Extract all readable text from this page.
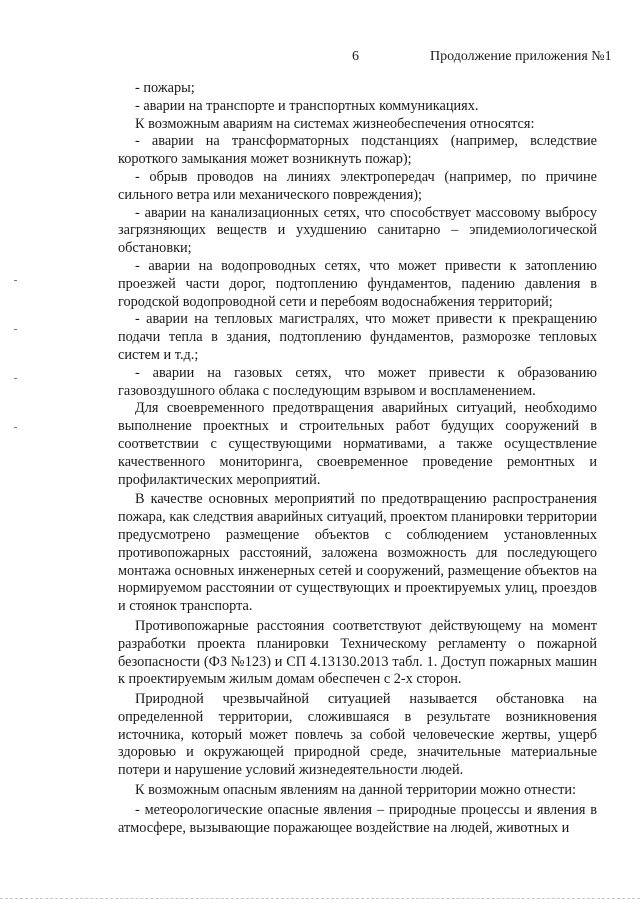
6	Продолжение приложения №1

- пожары;

- аварии на транспорте и транспортных коммуникациях.

К возможным авариям на системах жизнеобеспечения относятся:

- аварии на трансформаторных подстанциях (например, вследствие короткого замыкания может возникнуть пожар);

- обрыв проводов на линиях электропередач (например, по причине сильного ветра или механического повреждения);

- аварии на канализационных сетях, что способствует массовому выбросу загрязняющих веществ и ухудшению санитарно – эпидемиологической обстановки;

- аварии на водопроводных сетях, что может привести к затоплению проезжей части дорог, подтоплению фундаментов, падению давления в городской водопроводной сети и перебоям водоснабжения территорий;

- аварии на тепловых магистралях, что может привести к прекращению подачи тепла в здания, подтоплению фундаментов, разморозке тепловых систем и т.д.;

- аварии на газовых сетях, что может привести к образованию газовоздушного облака с последующим взрывом и воспламенением.

Для своевременного предотвращения аварийных ситуаций, необходимо выполнение проектных и строительных работ будущих сооружений в соответствии с существующими нормативами, а также осуществление качественного мониторинга, своевременное проведение ремонтных и профилактических мероприятий.

В качестве основных мероприятий по предотвращению распространения пожара, как следствия аварийных ситуаций, проектом планировки территории предусмотрено размещение объектов с соблюдением установленных противопожарных расстояний, заложена возможность для последующего монтажа основных инженерных сетей и сооружений, размещение объектов на нормируемом расстоянии от существующих и проектируемых улиц, проездов и стоянок транспорта.

Противопожарные расстояния соответствуют действующему на момент разработки проекта планировки Техническому регламенту о пожарной безопасности (ФЗ №123) и СП 4.13130.2013 табл. 1. Доступ пожарных машин к проектируемым жилым домам обеспечен с 2-х сторон.

Природной чрезвычайной ситуацией называется обстановка на определенной территории, сложившаяся в результате возникновения источника, который может повлечь за собой человеческие жертвы, ущерб здоровью и окружающей природной среде, значительные материальные потери и нарушение условий жизнедеятельности людей.

К возможным опасным явлениям на данной территории можно отнести:

- метеорологические опасные явления – природные процессы и явления в атмосфере, вызывающие поражающее воздействие на людей, животных и
